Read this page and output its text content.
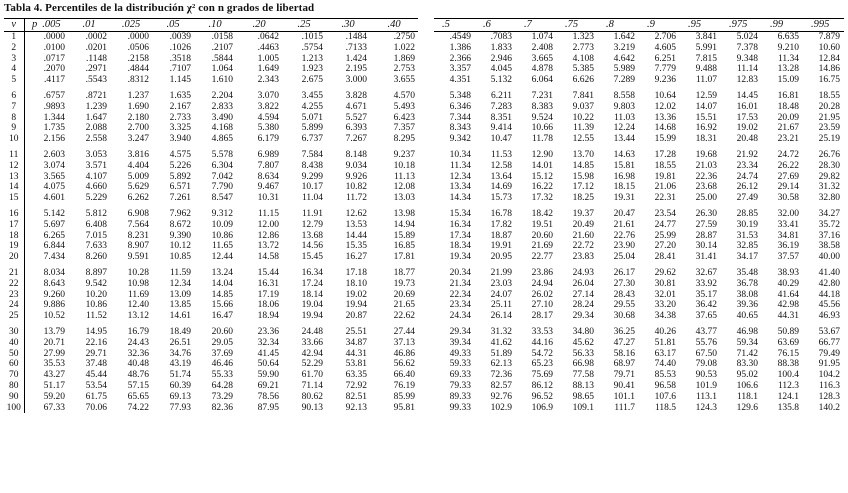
Tabla 4. Percentiles de la distribución χ² con n grados de libertad
ν	p .005	.01	.025	.05	.10	.20	.25	.30	.40
1	.0000	.0002	.0000	.0039	.0158	.0642	.1015	.1484	.2750
2	.0100	.0201	.0506	.1026	.2107	.4463	.5754	.7133	1.022
3	.0717	.1148	.2158	.3518	.5844	1.005	1.213	1.424	1.869
4	.2070	.2971	.4844	.7107	1.064	1.649	1.923	2.195	2.753
5	.4117	.5543	.8312	1.145	1.610	2.343	2.675	3.000	3.655

6	.6757	.8721	1.237	1.635	2.204	3.070	3.455	3.828	4.570
7	.9893	1.239	1.690	2.167	2.833	3.822	4.255	4.671	5.493
8	1.344	1.647	2.180	2.733	3.490	4.594	5.071	5.527	6.423
9	1.735	2.088	2.700	3.325	4.168	5.380	5.899	6.393	7.357
10	2.156	2.558	3.247	3.940	4.865	6.179	6.737	7.267	8.295

11	2.603	3.053	3.816	4.575	5.578	6.989	7.584	8.148	9.237
12	3.074	3.571	4.404	5.226	6.304	7.807	8.438	9.034	10.18
13	3.565	4.107	5.009	5.892	7.042	8.634	9.299	9.926	11.13
14	4.075	4.660	5.629	6.571	7.790	9.467	10.17	10.82	12.08
15	4.601	5.229	6.262	7.261	8.547	10.31	11.04	11.72	13.03

16	5.142	5.812	6.908	7.962	9.312	11.15	11.91	12.62	13.98
17	5.697	6.408	7.564	8.672	10.09	12.00	12.79	13.53	14.94
18	6.265	7.015	8.231	9.390	10.86	12.86	13.68	14.44	15.89
19	6.844	7.633	8.907	10.12	11.65	13.72	14.56	15.35	16.85
20	7.434	8.260	9.591	10.85	12.44	14.58	15.45	16.27	17.81

21	8.034	8.897	10.28	11.59	13.24	15.44	16.34	17.18	18.77
22	8.643	9.542	10.98	12.34	14.04	16.31	17.24	18.10	19.73
23	9.260	10.20	11.69	13.09	14.85	17.19	18.14	19.02	20.69
24	9.886	10.86	12.40	13.85	15.66	18.06	19.04	19.94	21.65
25	10.52	11.52	13.12	14.61	16.47	18.94	19.94	20.87	22.62

30	13.79	14.95	16.79	18.49	20.60	23.36	24.48	25.51	27.44
40	20.71	22.16	24.43	26.51	29.05	32.34	33.66	34.87	37.13
50	27.99	29.71	32.36	34.76	37.69	41.45	42.94	44.31	46.86
60	35.53	37.48	40.48	43.19	46.46	50.64	52.29	53.81	56.62
70	43.27	45.44	48.76	51.74	55.33	59.90	61.70	63.35	66.40
80	51.17	53.54	57.15	60.39	64.28	69.21	71.14	72.92	76.19
90	59.20	61.75	65.65	69.13	73.29	78.56	80.62	82.51	85.99
100	67.33	70.06	74.22	77.93	82.36	87.95	90.13	92.13	95.81
.5	.6	.7	.75	.8	.9	.95	.975	.99	.995
.4549	.7083	1.074	1.323	1.642	2.706	3.841	5.024	6.635	7.879
1.386	1.833	2.408	2.773	3.219	4.605	5.991	7.378	9.210	10.60
2.366	2.946	3.665	4.108	4.642	6.251	7.815	9.348	11.34	12.84
3.357	4.045	4.878	5.385	5.989	7.779	9.488	11.14	13.28	14.86
4.351	5.132	6.064	6.626	7.289	9.236	11.07	12.83	15.09	16.75

5.348	6.211	7.231	7.841	8.558	10.64	12.59	14.45	16.81	18.55
6.346	7.283	8.383	9.037	9.803	12.02	14.07	16.01	18.48	20.28
7.344	8.351	9.524	10.22	11.03	13.36	15.51	17.53	20.09	21.95
8.343	9.414	10.66	11.39	12.24	14.68	16.92	19.02	21.67	23.59
9.342	10.47	11.78	12.55	13.44	15.99	18.31	20.48	23.21	25.19

10.34	11.53	12.90	13.70	14.63	17.28	19.68	21.92	24.72	26.76
11.34	12.58	14.01	14.85	15.81	18.55	21.03	23.34	26.22	28.30
12.34	13.64	15.12	15.98	16.98	19.81	22.36	24.74	27.69	29.82
13.34	14.69	16.22	17.12	18.15	21.06	23.68	26.12	29.14	31.32
14.34	15.73	17.32	18.25	19.31	22.31	25.00	27.49	30.58	32.80

15.34	16.78	18.42	19.37	20.47	23.54	26.30	28.85	32.00	34.27
16.34	17.82	19.51	20.49	21.61	24.77	27.59	30.19	33.41	35.72
17.34	18.87	20.60	21.60	22.76	25.99	28.87	31.53	34.81	37.16
18.34	19.91	21.69	22.72	23.90	27.20	30.14	32.85	36.19	38.58
19.34	20.95	22.77	23.83	25.04	28.41	31.41	34.17	37.57	40.00

20.34	21.99	23.86	24.93	26.17	29.62	32.67	35.48	38.93	41.40
21.34	23.03	24.94	26.04	27.30	30.81	33.92	36.78	40.29	42.80
22.34	24.07	26.02	27.14	28.43	32.01	35.17	38.08	41.64	44.18
23.34	25.11	27.10	28.24	29.55	33.20	36.42	39.36	42.98	45.56
24.34	26.14	28.17	29.34	30.68	34.38	37.65	40.65	44.31	46.93

29.34	31.32	33.53	34.80	36.25	40.26	43.77	46.98	50.89	53.67
39.34	41.62	44.16	45.62	47.27	51.81	55.76	59.34	63.69	66.77
49.33	51.89	54.72	56.33	58.16	63.17	67.50	71.42	76.15	79.49
59.33	62.13	65.23	66.98	68.97	74.40	79.08	83.30	88.38	91.95
69.33	72.36	75.69	77.58	79.71	85.53	90.53	95.02	100.4	104.2
79.33	82.57	86.12	88.13	90.41	96.58	101.9	106.6	112.3	116.3
89.33	92.76	96.52	98.65	101.1	107.6	113.1	118.1	124.1	128.3
99.33	102.9	106.9	109.1	111.7	118.5	124.3	129.6	135.8	140.2
